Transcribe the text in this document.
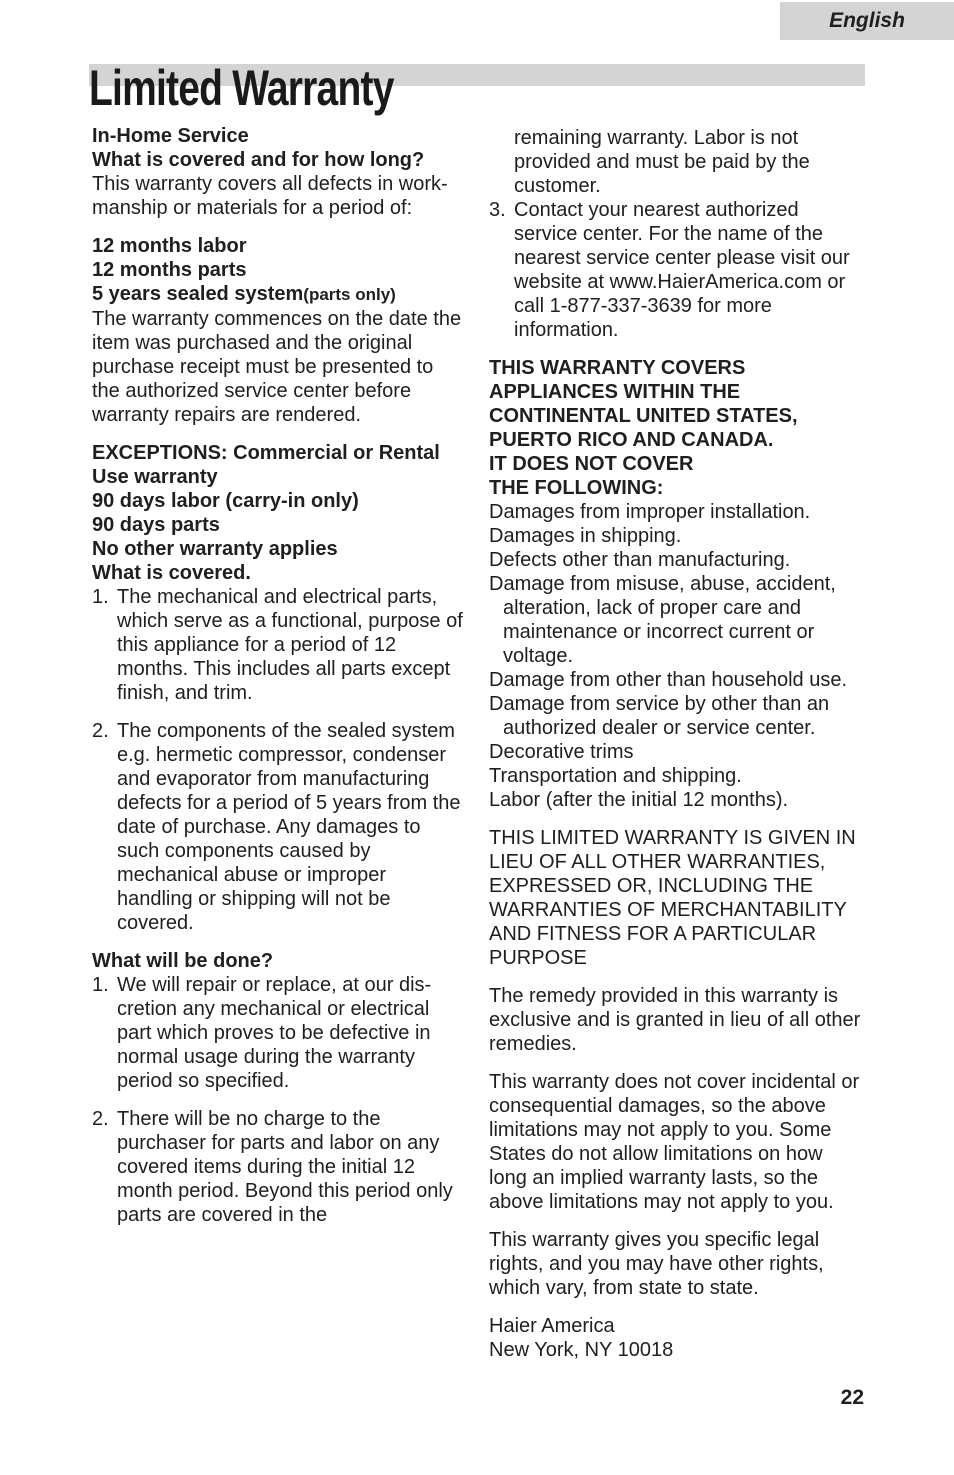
English
Limited Warranty

In-Home Service

What is covered and for how long?

This warranty covers all defects in work-manship or materials for a period of:

12 months labor

12 months parts

5 years sealed system(parts only)

The warranty commences on the date the item was purchased and the original purchase receipt must be presented to the authorized service center before warranty repairs are rendered.

EXCEPTIONS: Commercial or Rental Use warranty

90 days labor (carry-in only)

90 days parts

No other warranty applies

What is covered.

1. The mechanical and electrical parts, which serve as a functional, purpose of this appliance for a period of 12 months. This includes all parts except finish, and trim.
2. The components of the sealed system e.g. hermetic compressor, condenser and evaporator from manufacturing defects for a period of 5 years from the date of purchase. Any damages to such components caused by mechanical abuse or improper handling or shipping will not be covered.

What will be done?

1. We will repair or replace, at our dis-cretion any mechanical or electrical part which proves to be defective in normal usage during the warranty period so specified.
2. There will be no charge to the purchaser for parts and labor on any covered items during the initial 12 month period. Beyond this period only parts are covered in the

remaining warranty. Labor is not provided and must be paid by the customer.

3. Contact your nearest authorized service center. For the name of the nearest service center please visit our website at www.HaierAmerica.com or call 1-877-337-3639 for more information.

THIS WARRANTY COVERS APPLIANCES WITHIN THE CONTINENTAL UNITED STATES, PUERTO RICO AND CANADA.

IT DOES NOT COVER

THE FOLLOWING:

Damages from improper installation.

Damages in shipping.

Defects other than manufacturing.

Damage from misuse, abuse, accident, alteration, lack of proper care and maintenance or incorrect current or voltage.

Damage from other than household use.

Damage from service by other than an authorized dealer or service center.

Decorative trims

Transportation and shipping.

Labor (after the initial 12 months).

THIS LIMITED WARRANTY IS GIVEN IN LIEU OF ALL OTHER WARRANTIES, EXPRESSED OR, INCLUDING THE WARRANTIES OF MERCHANTABILITY AND FITNESS FOR A PARTICULAR PURPOSE

The remedy provided in this warranty is exclusive and is granted in lieu of all other remedies.

This warranty does not cover incidental or consequential damages, so the above limitations may not apply to you. Some States do not allow limitations on how long an implied warranty lasts, so the above limitations may not apply to you.

This warranty gives you specific legal rights, and you may have other rights, which vary, from state to state.

Haier America

New York, NY 10018

22
